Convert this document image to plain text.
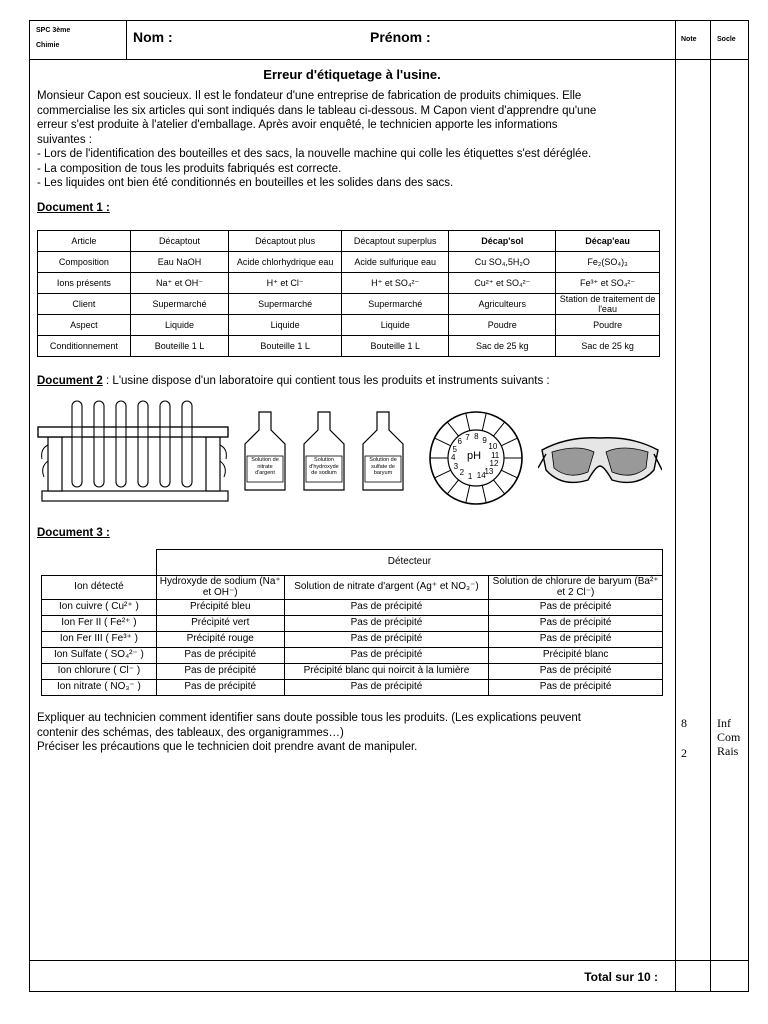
SPC 3ème
Chimie
Nom :	Prénom :	Note	Socle
Erreur d'étiquetage à l'usine.
Monsieur Capon est soucieux. Il est le fondateur d'une entreprise de fabrication de produits chimiques. Elle
commercialise les six articles qui sont indiqués dans le tableau ci-dessous. M Capon vient d'apprendre qu'une
erreur s'est produite à l'atelier d'emballage. Après avoir enquêté, le technicien apporte les informations
suivantes :
- Lors de l'identification des bouteilles et des sacs, la nouvelle machine qui colle les étiquettes s'est déréglée.
- La composition de tous les produits fabriqués est correcte.
- Les liquides ont bien été conditionnés en bouteilles et les solides dans des sacs.
Document 1 :
Article	Décaptout	Décaptout plus	Décaptout superplus	Décap'sol	Décap'eau
Composition	Eau NaOH	Acide chlorhydrique eau	Acide sulfurique eau	Cu SO₄,5H₂O	Fe₂(SO₄)₃
Ions présents	Na⁺ et OH⁻	H⁺ et Cl⁻	H⁺ et SO₄²⁻	Cu²⁺ et SO₄²⁻	Fe³⁺ et SO₄²⁻
Client	Supermarché	Supermarché	Supermarché	Agriculteurs	Station de traitement de l'eau
Aspect	Liquide	Liquide	Liquide	Poudre	Poudre
Conditionnement	Bouteille 1 L	Bouteille 1 L	Bouteille 1 L	Sac de 25 kg	Sac de 25 kg
Document 2 : L'usine dispose d'un laboratoire qui contient tous les produits et instruments suivants :
Solution de nitrate d'argent
Solution d'hydroxyde de sodium
Solution de sulfate de baryum
pH
1
2
3
4
5
6 7 8 9
10
11
12
13
14
Document 3 :
	Détecteur		
Ion détecté	Hydroxyde de sodium (Na⁺ et OH⁻)	Solution de nitrate d'argent (Ag⁺ et NO₃⁻)	Solution de chlorure de baryum (Ba²⁺ et 2 Cl⁻)
Ion cuivre ( Cu²⁺ )	Précipité bleu	Pas de précipité	Pas de précipité
Ion Fer II ( Fe²⁺ )	Précipité vert	Pas de précipité	Pas de précipité
Ion Fer III ( Fe³⁺ )	Précipité rouge	Pas de précipité	Pas de précipité
Ion Sulfate ( SO₄²⁻ )	Pas de précipité	Pas de précipité	Précipité blanc
Ion chlorure ( Cl⁻ )	Pas de précipité	Précipité blanc qui noircit à la lumière	Pas de précipité
Ion nitrate ( NO₃⁻ )	Pas de précipité	Pas de précipité	Pas de précipité
Expliquer au technicien comment identifier sans doute possible tous les produits. (Les explications peuvent
contenir des schémas, des tableaux, des organigrammes…)
Préciser les précautions que le technicien doit prendre avant de manipuler.
8
2
Inf
Com
Rais
Total sur 10 :
